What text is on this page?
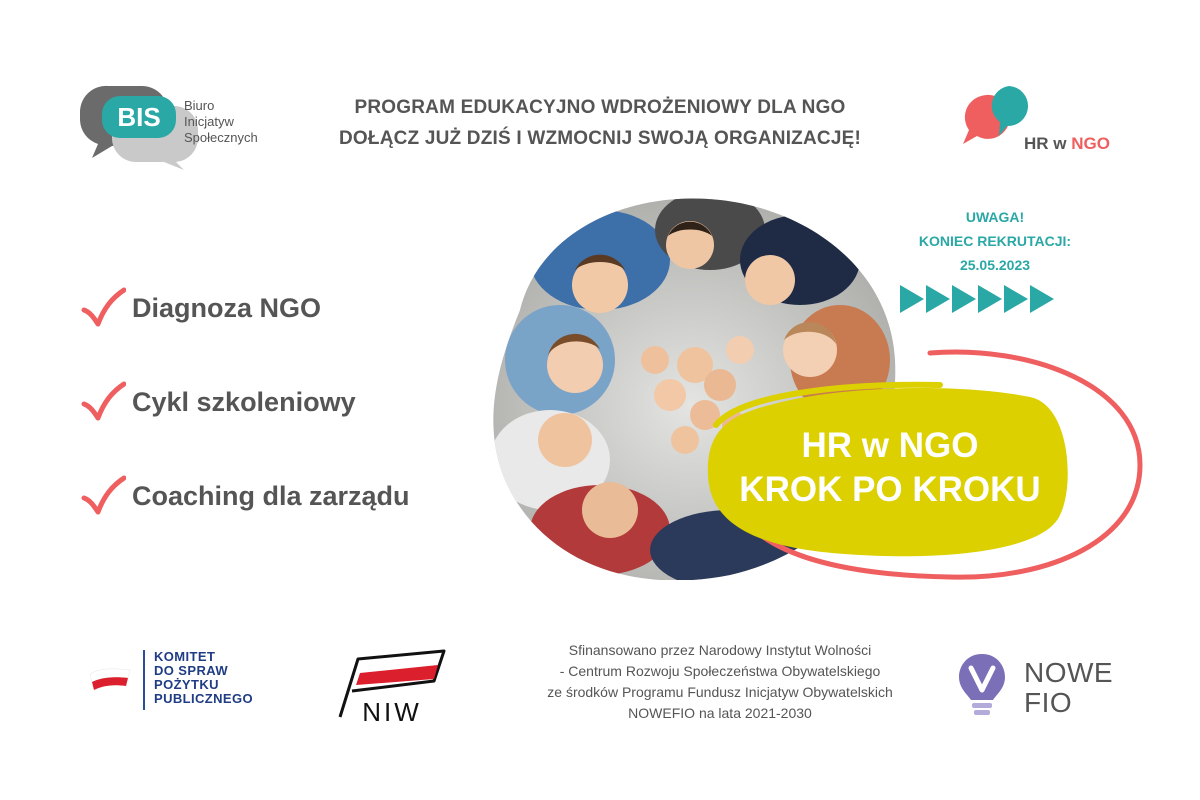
BIS Biuro
Inicjatyw
Społecznych
PROGRAM EDUKACYJNO WDROŻENIOWY DLA NGO
DOŁĄCZ JUŻ DZIŚ I WZMOCNIJ SWOJĄ ORGANIZACJĘ!	HR w NGO
Diagnoza NGO
Cykl szkoleniowy
Coaching dla zarządu
UWAGA!
KONIEC REKRUTACJI:
25.05.2023
HR w NGO
KROK PO KROKU
KOMITET
DO SPRAW
POŻYTKU
PUBLICZNEGO	NIW
Sfinansowano przez Narodowy Instytut Wolności
- Centrum Rozwoju Społeczeństwa Obywatelskiego
ze środków Programu Fundusz Inicjatyw Obywatelskich
NOWEFIO na lata 2021-2030
NOWE
FIO
